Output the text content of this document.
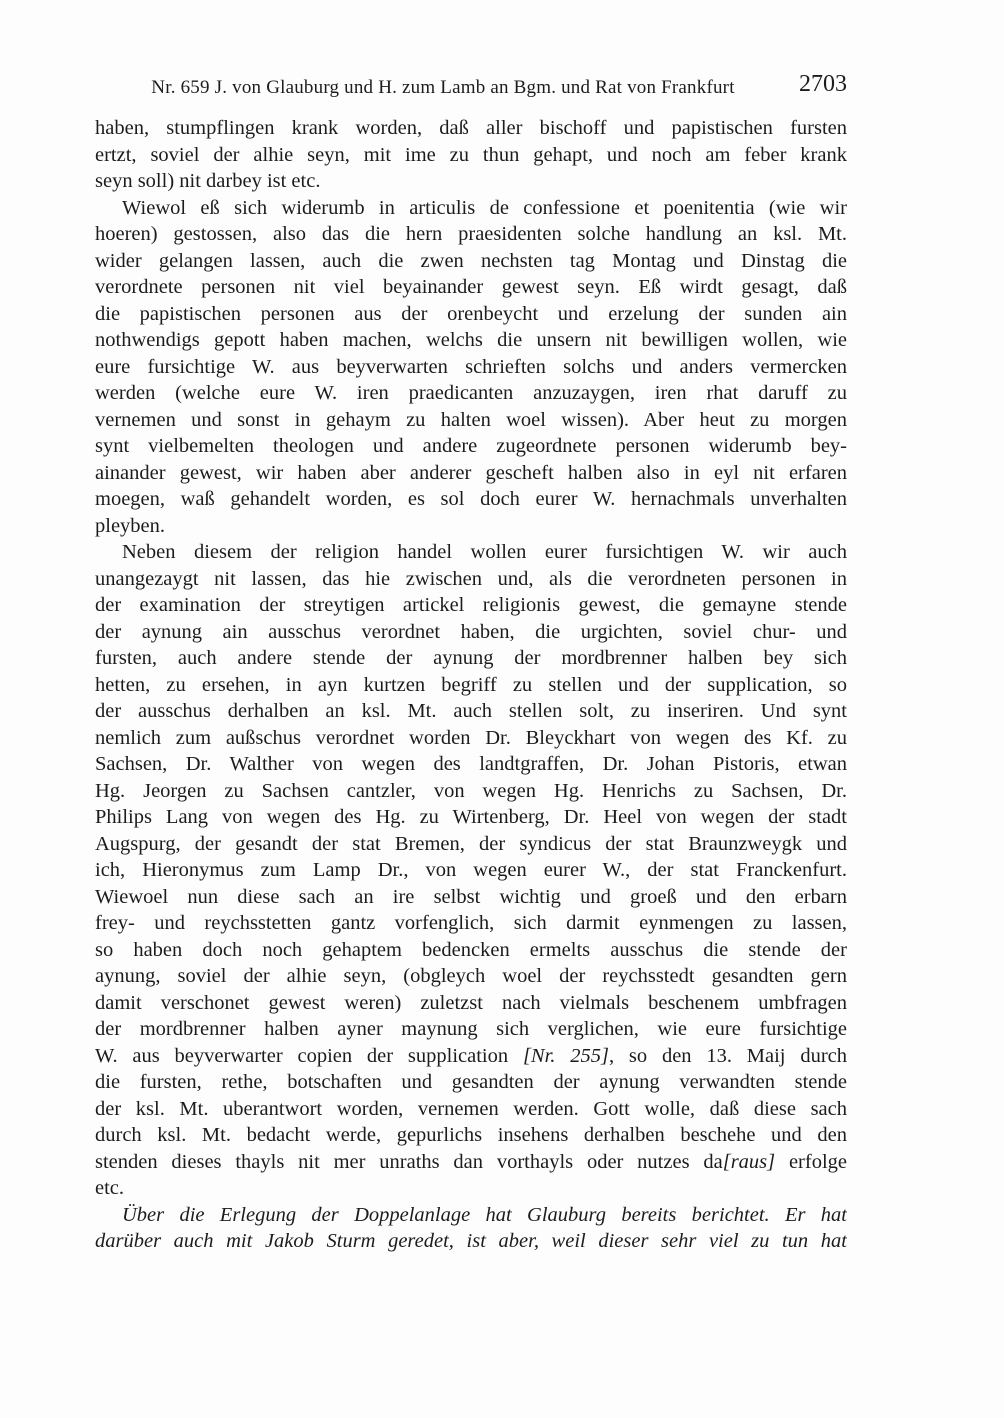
Nr. 659 J. von Glauburg und H. zum Lamb an Bgm. und Rat von Frankfurt	2703
haben, stumpflingen krank worden, daß aller bischoff und papistischen fursten
ertzt, soviel der alhie seyn, mit ime zu thun gehapt, und noch am feber krank
seyn soll) nit darbey ist etc.
Wiewol eß sich widerumb in articulis de confessione et poenitentia (wie wir
hoeren) gestossen, also das die hern praesidenten solche handlung an ksl. Mt.
wider gelangen lassen, auch die zwen nechsten tag Montag und Dinstag die
verordnete personen nit viel beyainander gewest seyn. Eß wirdt gesagt, daß
die papistischen personen aus der orenbeycht und erzelung der sunden ain
nothwendigs gepott haben machen, welchs die unsern nit bewilligen wollen, wie
eure fursichtige W. aus beyverwarten schrieften solchs und anders vermercken
werden (welche eure W. iren praedicanten anzuzaygen, iren rhat daruff zu
vernemen und sonst in gehaym zu halten woel wissen). Aber heut zu morgen
synt vielbemelten theologen und andere zugeordnete personen widerumb bey-
ainander gewest, wir haben aber anderer gescheft halben also in eyl nit erfaren
moegen, waß gehandelt worden, es sol doch eurer W. hernachmals unverhalten
pleyben.
Neben diesem der religion handel wollen eurer fursichtigen W. wir auch
unangezaygt nit lassen, das hie zwischen und, als die verordneten personen in
der examination der streytigen artickel religionis gewest, die gemayne stende
der aynung ain ausschus verordnet haben, die urgichten, soviel chur- und
fursten, auch andere stende der aynung der mordbrenner halben bey sich
hetten, zu ersehen, in ayn kurtzen begriff zu stellen und der supplication, so
der ausschus derhalben an ksl. Mt. auch stellen solt, zu inseriren. Und synt
nemlich zum außschus verordnet worden Dr. Bleyckhart von wegen des Kf. zu
Sachsen, Dr. Walther von wegen des landtgraffen, Dr. Johan Pistoris, etwan
Hg. Jeorgen zu Sachsen cantzler, von wegen Hg. Henrichs zu Sachsen, Dr.
Philips Lang von wegen des Hg. zu Wirtenberg, Dr. Heel von wegen der stadt
Augspurg, der gesandt der stat Bremen, der syndicus der stat Braunzweygk und
ich, Hieronymus zum Lamp Dr., von wegen eurer W., der stat Franckenfurt.
Wiewoel nun diese sach an ire selbst wichtig und groeß und den erbarn
frey- und reychsstetten gantz vorfenglich, sich darmit eynmengen zu lassen,
so haben doch noch gehaptem bedencken ermelts ausschus die stende der
aynung, soviel der alhie seyn, (obgleych woel der reychsstedt gesandten gern
damit verschonet gewest weren) zuletzst nach vielmals beschenem umbfragen
der mordbrenner halben ayner maynung sich verglichen, wie eure fursichtige
W. aus beyverwarter copien der supplication [Nr. 255], so den 13. Maij durch
die fursten, rethe, botschaften und gesandten der aynung verwandten stende
der ksl. Mt. uberantwort worden, vernemen werden. Gott wolle, daß diese sach
durch ksl. Mt. bedacht werde, gepurlichs insehens derhalben beschehe und den
stenden dieses thayls nit mer unraths dan vorthayls oder nutzes da[raus] erfolge
etc.
Über die Erlegung der Doppelanlage hat Glauburg bereits berichtet. Er hat
darüber auch mit Jakob Sturm geredet, ist aber, weil dieser sehr viel zu tun hat
